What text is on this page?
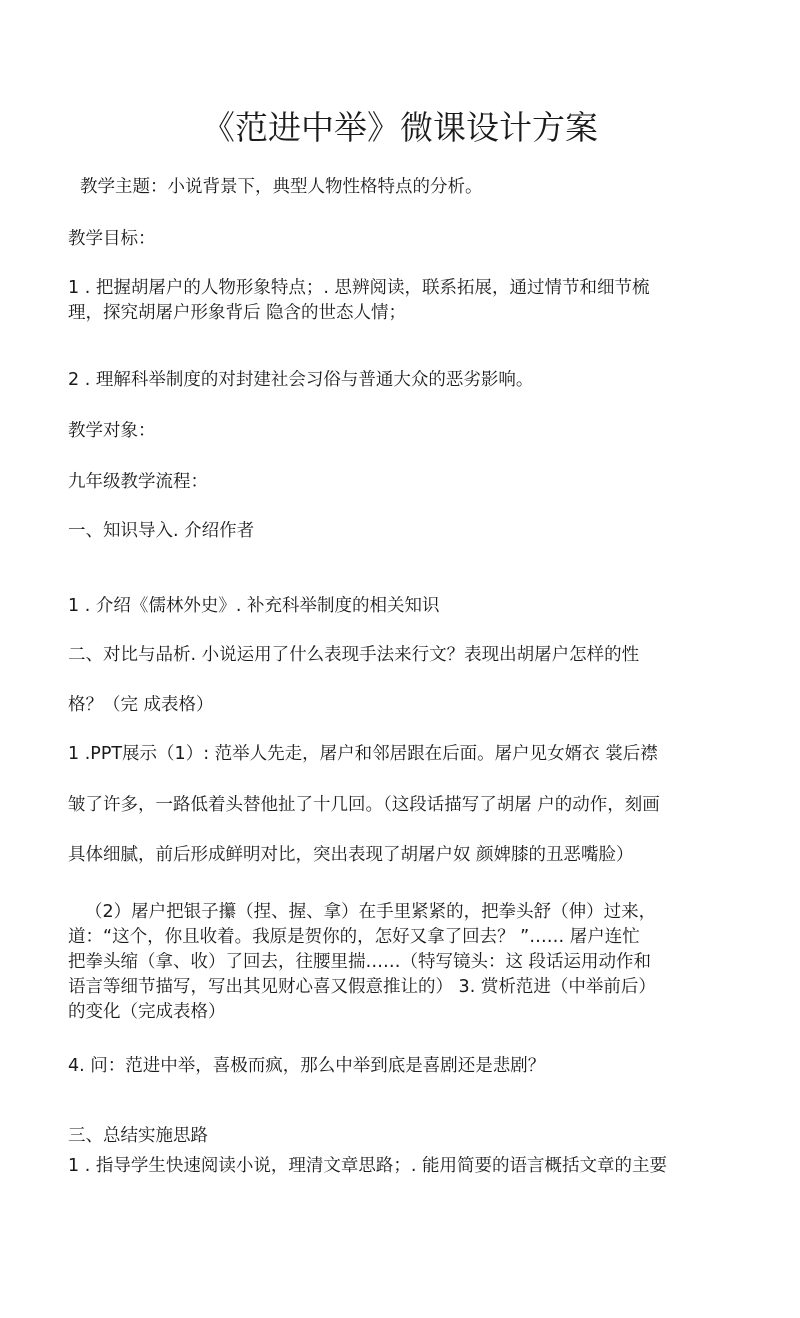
《范进中举》微课设计方案
教学主题：小说背景下，典型人物性格特点的分析。
教学目标：
1 . 把握胡屠户的人物形象特点；. 思辨阅读，联系拓展，通过情节和细节梳
理，探究胡屠户形象背后 隐含的世态人情；
2 . 理解科举制度的对封建社会习俗与普通大众的恶劣影响。
教学对象：
九年级教学流程：
一、知识导入. 介绍作者
1 . 介绍《儒林外史》. 补充科举制度的相关知识
二、对比与品析. 小说运用了什么表现手法来行文？表现出胡屠户怎样的性
格？（完 成表格）
1 .PPT展示（1）: 范举人先走，屠户和邻居跟在后面。屠户见女婿衣 裳后襟
皱了许多，一路低着头替他扯了十几回。（这段话描写了胡屠 户的动作，刻画
具体细腻，前后形成鲜明对比，突出表现了胡屠户奴 颜婢膝的丑恶嘴脸）
（2）屠户把银子攥（捏、握、拿）在手里紧紧的，把拳头舒（伸）过来，
道：“这个，你且收着。我原是贺你的，怎好又拿了回去？ ”…… 屠户连忙
把拳头缩（拿、收）了回去，往腰里揣……（特写镜头：这 段话运用动作和
语言等细节描写，写出其见财心喜又假意推让的） 3. 赏析范进（中举前后）
的变化（完成表格）
4. 问：范进中举，喜极而疯，那么中举到底是喜剧还是悲剧？
三、总结实施思路
1 . 指导学生快速阅读小说，理清文章思路；. 能用简要的语言概括文章的主要
